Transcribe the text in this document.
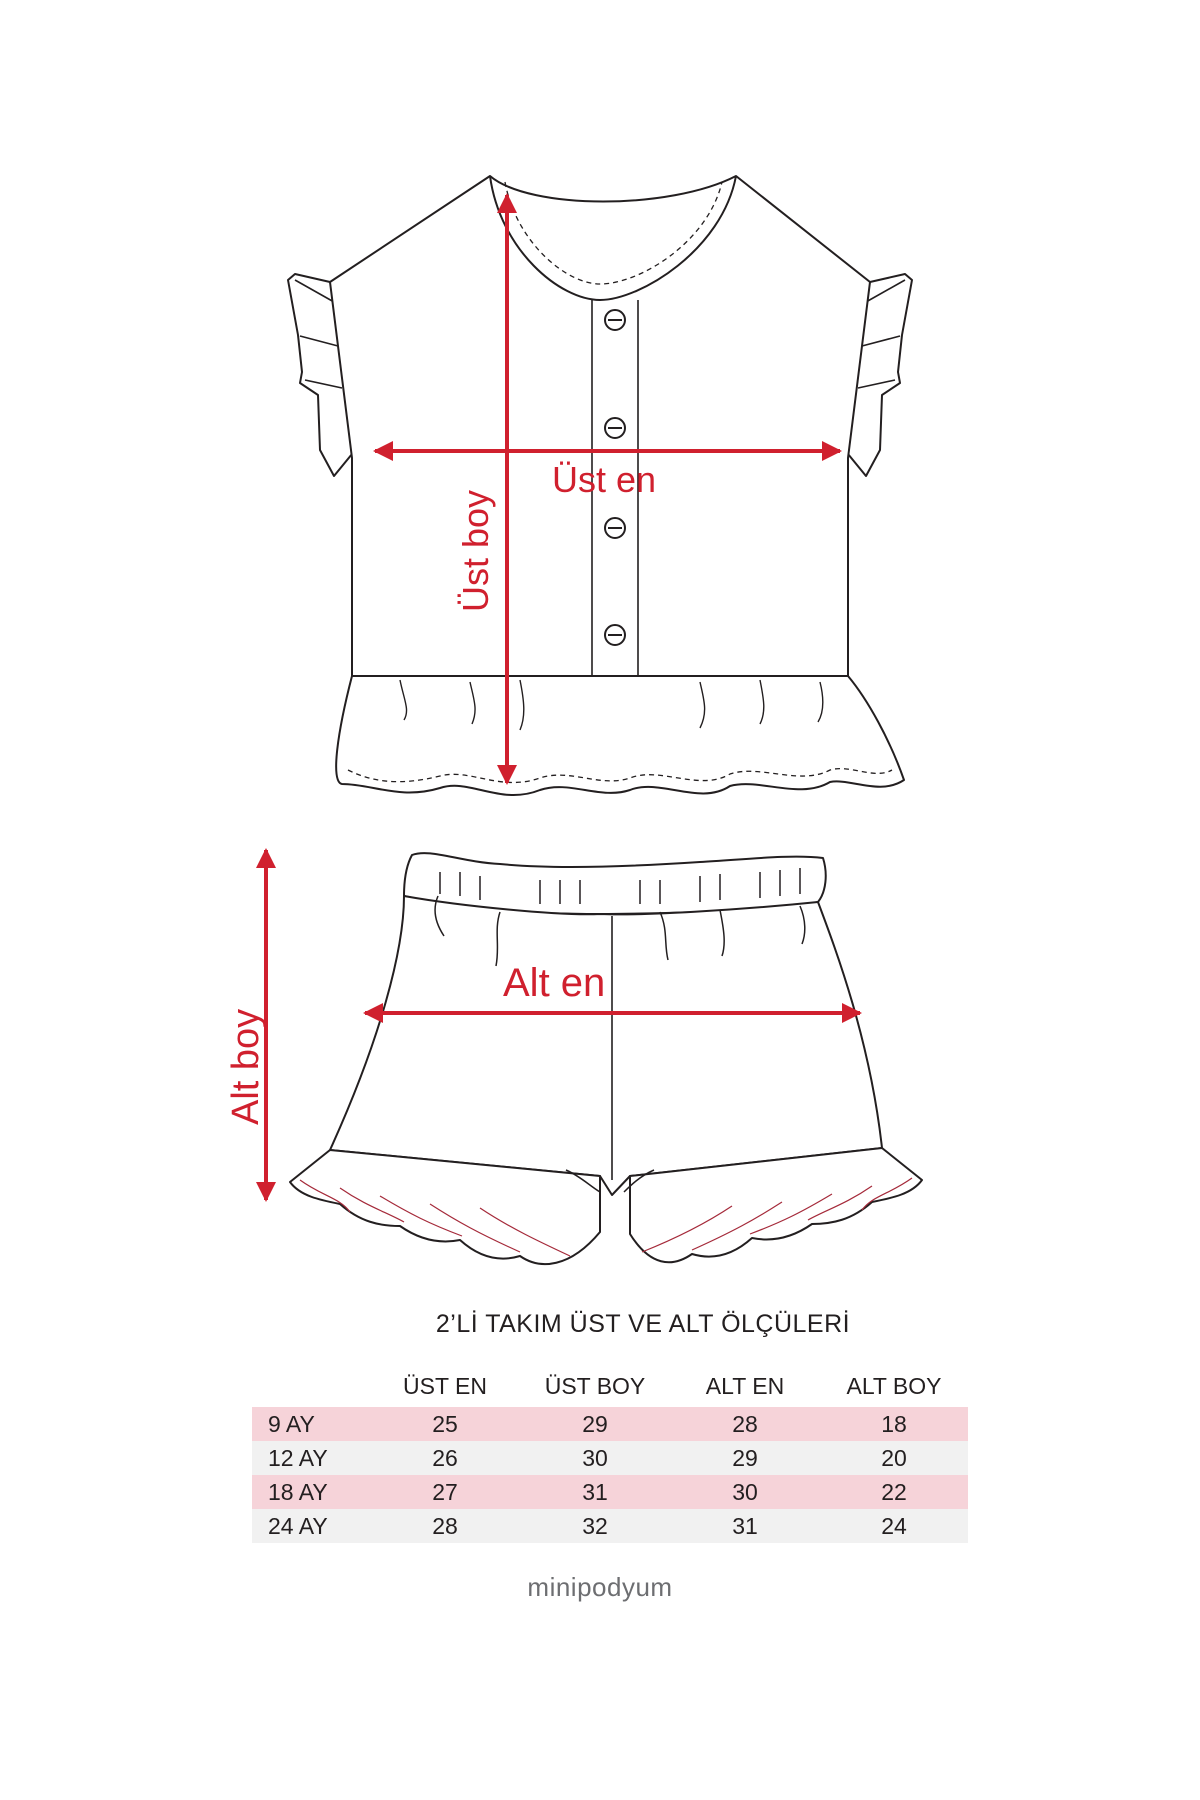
Üst en
Üst boy
Alt en
Alt boy
2’Lİ TAKIM ÜST VE ALT ÖLÇÜLERİ
	ÜST EN	ÜST BOY	ALT EN	ALT BOY
9 AY	25	29	28	18
12 AY	26	30	29	20
18 AY	27	31	30	22
24 AY	28	32	31	24
minipodyum
